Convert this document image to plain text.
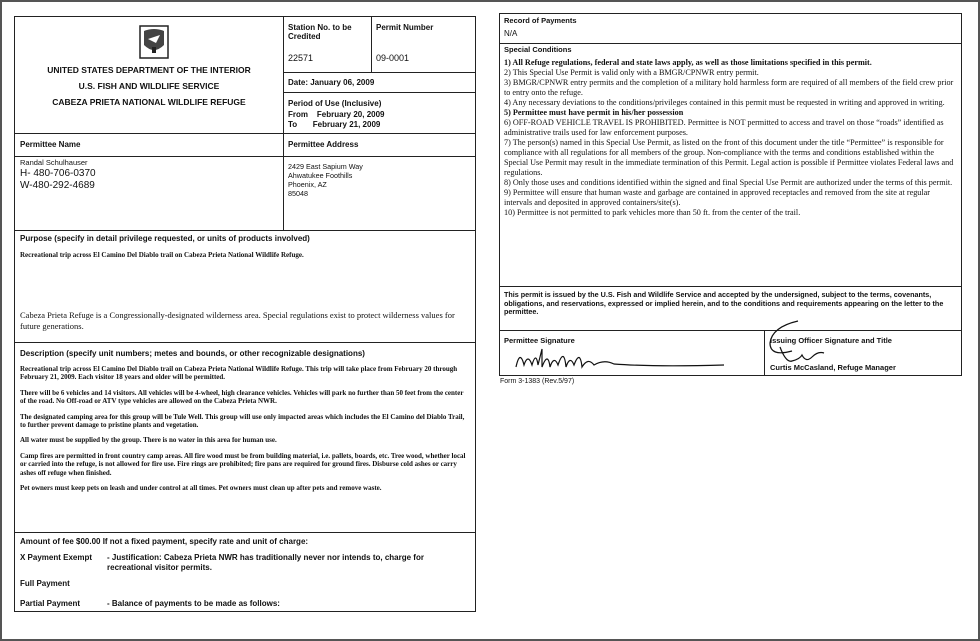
UNITED STATES DEPARTMENT OF THE INTERIOR
U.S. FISH AND WILDLIFE SERVICE
CABEZA PRIETA NATIONAL WILDLIFE REFUGE
Station No. to be Credited
22571
Permit Number
09-0001
Date: January 06, 2009
Period of Use (Inclusive)
From February 20, 2009
To February 21, 2009
Permittee Name
Randal Schulhauser
H- 480-706-0370
W-480-292-4689
Permittee Address
2429 East Sapium Way
Ahwatukee Foothills
Phoenix, AZ
85048
Purpose (specify in detail privilege requested, or units of products involved)
Recreational trip across El Camino Del Diablo trail on Cabeza Prieta National Wildlife Refuge.

Cabeza Prieta Refuge is a Congressionally-designated wilderness area. Special regulations exist to protect wilderness values for future generations.

Description (specify unit numbers; metes and bounds, or other recognizable designations)

Recreational trip across El Camino Del Diablo trail on Cabeza Prieta National Wildlife Refuge. This trip will take place from February 20 through February 21, 2009. Each visitor 18 years and older will be permitted.

There will be 6 vehicles and 14 visitors. All vehicles will be 4-wheel, high clearance vehicles. Vehicles will park no further than 50 feet from the center of the road. No Off-road or ATV type vehicles are allowed on the Cabeza Prieta NWR.

The designated camping area for this group will be Tule Well. This group will use only impacted areas which includes the El Camino del Diablo Trail, to further prevent damage to pristine plants and vegetation.

All water must be supplied by the group. There is no water in this area for human use.

Camp fires are permitted in front country camp areas. All fire wood must be from building material, i.e. pallets, boards, etc. Tree wood, whether local or carried into the refuge, is not allowed for fire use. Fire rings are prohibited; fire pans are required for ground fires. Disburse cold ashes or carry ashes off refuge when finished.

Pet owners must keep pets on leash and under control at all times. Pet owners must clean up after pets and remove waste.

Amount of fee $00.00 If not a fixed payment, specify rate and unit of charge:
X Payment Exempt - Justification: Cabeza Prieta NWR has traditionally never nor intends to, charge for recreational visitor permits.
Full Payment
Partial Payment	- Balance of payments to be made as follows:
Record of Payments
N/A
Special Conditions

1) All Refuge regulations, federal and state laws apply, as well as those limitations specified in this permit.

2) This Special Use Permit is valid only with a BMGR/CPNWR entry permit.

3) BMGR/CPNWR entry permits and the completion of a military hold harmless form are required of all members of the field crew prior to entry onto the refuge.

4) Any necessary deviations to the conditions/privileges contained in this permit must be requested in writing and approved in writing.

5) Permittee must have permit in his/her possession

6) OFF-ROAD VEHICLE TRAVEL IS PROHIBITED. Permittee is NOT permitted to access and travel on those “roads” identified as administrative trails used for law enforcement purposes.

7) The person(s) named in this Special Use Permit, as listed on the front of this document under the title “Permittee” is responsible for compliance with all regulations for all members of the group. Non-compliance with the terms and conditions established within the Special Use Permit may result in the immediate termination of this Permit. Legal action is possible if Permittee violates Federal laws and regulations.

8) Only those uses and conditions identified within the signed and final Special Use Permit are authorized under the terms of this permit.

9) Permittee will ensure that human waste and garbage are contained in approved receptacles and removed from the site at regular intervals and deposited in approved containers/site(s).

10) Permittee is not permitted to park vehicles more than 50 ft. from the center of the trail.

This permit is issued by the U.S. Fish and Wildlife Service and accepted by the undersigned, subject to the terms, covenants, obligations, and reservations, expressed or implied herein, and to the conditions and requirements appearing on the letter to the permittee.

Permittee Signature	Issuing Officer Signature and Title
Curtis McCasland, Refuge Manager
Form 3-1383 (Rev.5/97)
